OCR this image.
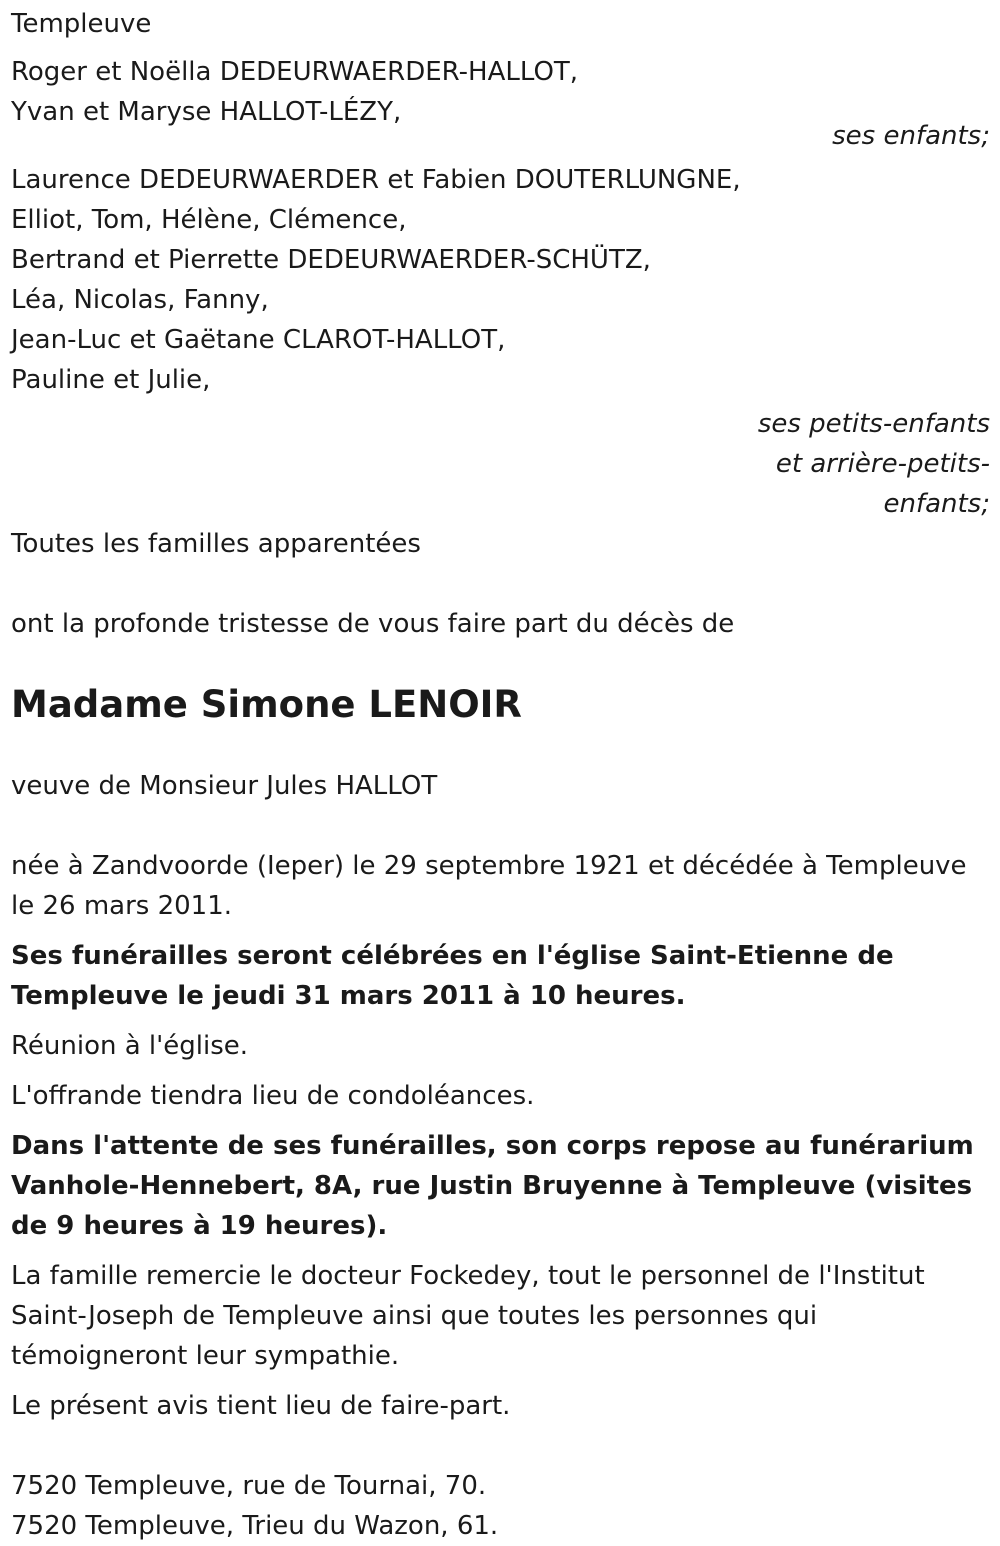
Templeuve
Roger et Noëlla DEDEURWAERDER-HALLOT,
Yvan et Maryse HALLOT-LÉZY,
ses enfants;
Laurence DEDEURWAERDER et Fabien DOUTERLUNGNE,
Elliot, Tom, Hélène, Clémence,
Bertrand et Pierrette DEDEURWAERDER-SCHÜTZ,
Léa, Nicolas, Fanny,
Jean-Luc et Gaëtane CLAROT-HALLOT,
Pauline et Julie,
ses petits-enfants
et arrière-petits-
enfants;
Toutes les familles apparentées
ont la profonde tristesse de vous faire part du décès de
Madame Simone LENOIR
veuve de Monsieur Jules HALLOT

née à Zandvoorde (Ieper) le 29 septembre 1921 et décédée à Templeuve le 26 mars 2011.

Ses funérailles seront célébrées en l'église Saint-Etienne de Templeuve le jeudi 31 mars 2011 à 10 heures.

Réunion à l'église.

L'offrande tiendra lieu de condoléances.

Dans l'attente de ses funérailles, son corps repose au funérarium Vanhole-Hennebert, 8A, rue Justin Bruyenne à Templeuve (visites de 9 heures à 19 heures).

La famille remercie le docteur Fockedey, tout le personnel de l'Institut Saint-Joseph de Templeuve ainsi que toutes les personnes qui témoigneront leur sympathie.

Le présent avis tient lieu de faire-part.

7520 Templeuve, rue de Tournai, 70.
7520 Templeuve, Trieu du Wazon, 61.
